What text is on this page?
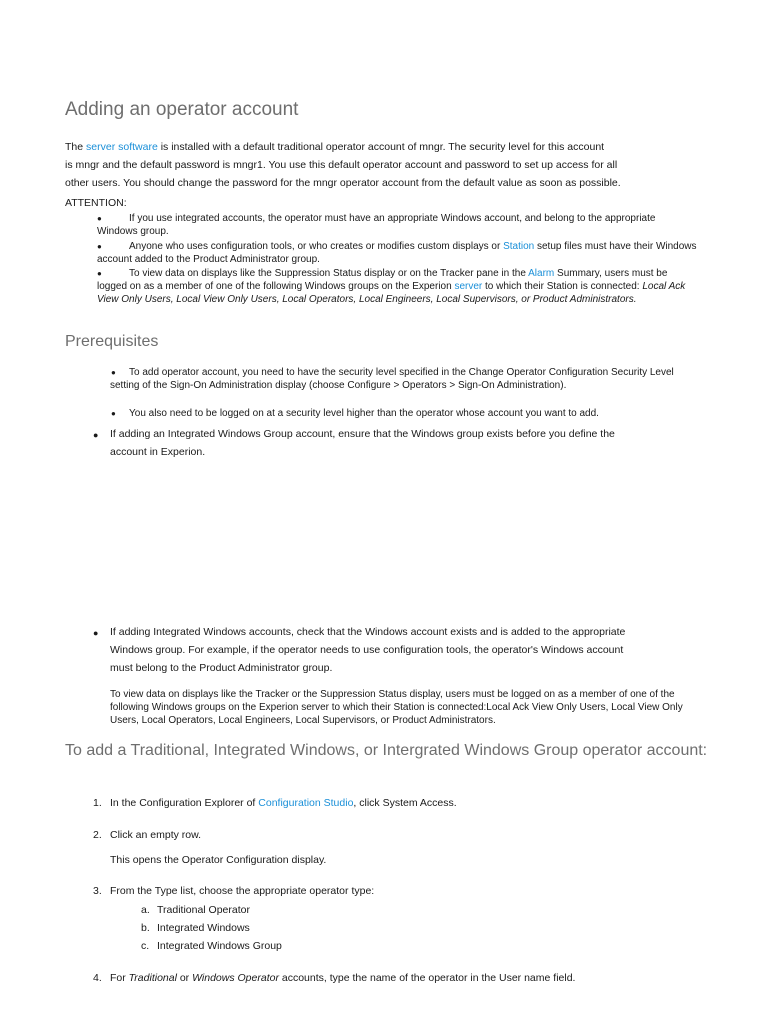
Adding an operator account
The server software is installed with a default traditional operator account of mngr. The security level for this account
is mngr and the default password is mngr1. You use this default operator account and password to set up access for all
other users. You should change the password for the mngr operator account from the default value as soon as possible.
ATTENTION:
●	If you use integrated accounts, the operator must have an appropriate Windows account, and belong to the appropriate Windows group.
●	Anyone who uses configuration tools, or who creates or modifies custom displays or Station setup files must have their Windows account added to the Product Administrator group.
●	To view data on displays like the Suppression Status display or on the Tracker pane in the Alarm Summary, users must be logged on as a member of one of the following Windows groups on the Experion server to which their Station is connected: Local Ack View Only Users, Local View Only Users, Local Operators, Local Engineers, Local Supervisors, or Product Administrators.
Prerequisites
●	To add operator account, you need to have the security level specified in the Change Operator Configuration Security Level setting of the Sign-On Administration display (choose Configure > Operators > Sign-On Administration).
● You also need to be logged on at a security level higher than the operator whose account you want to add.
● If adding an Integrated Windows Group account, ensure that the Windows group exists before you define the
account in Experion.
● If adding Integrated Windows accounts, check that the Windows account exists and is added to the appropriate
Windows group. For example, if the operator needs to use configuration tools, the operator's Windows account
must belong to the Product Administrator group.
To view data on displays like the Tracker or the Suppression Status display, users must be logged on as a member of one of the following Windows groups on the Experion server to which their Station is connected:Local Ack View Only Users, Local View Only Users, Local Operators, Local Engineers, Local Supervisors, or Product Administrators.
To add a Traditional, Integrated Windows, or Intergrated Windows Group operator account:
1. In the Configuration Explorer of Configuration Studio, click System Access.
2. Click an empty row.
This opens the Operator Configuration display.
3. From the Type list, choose the appropriate operator type:
a. Traditional Operator
b. Integrated Windows
c. Integrated Windows Group
4. For Traditional or Windows Operator accounts, type the name of the operator in the User name field.
